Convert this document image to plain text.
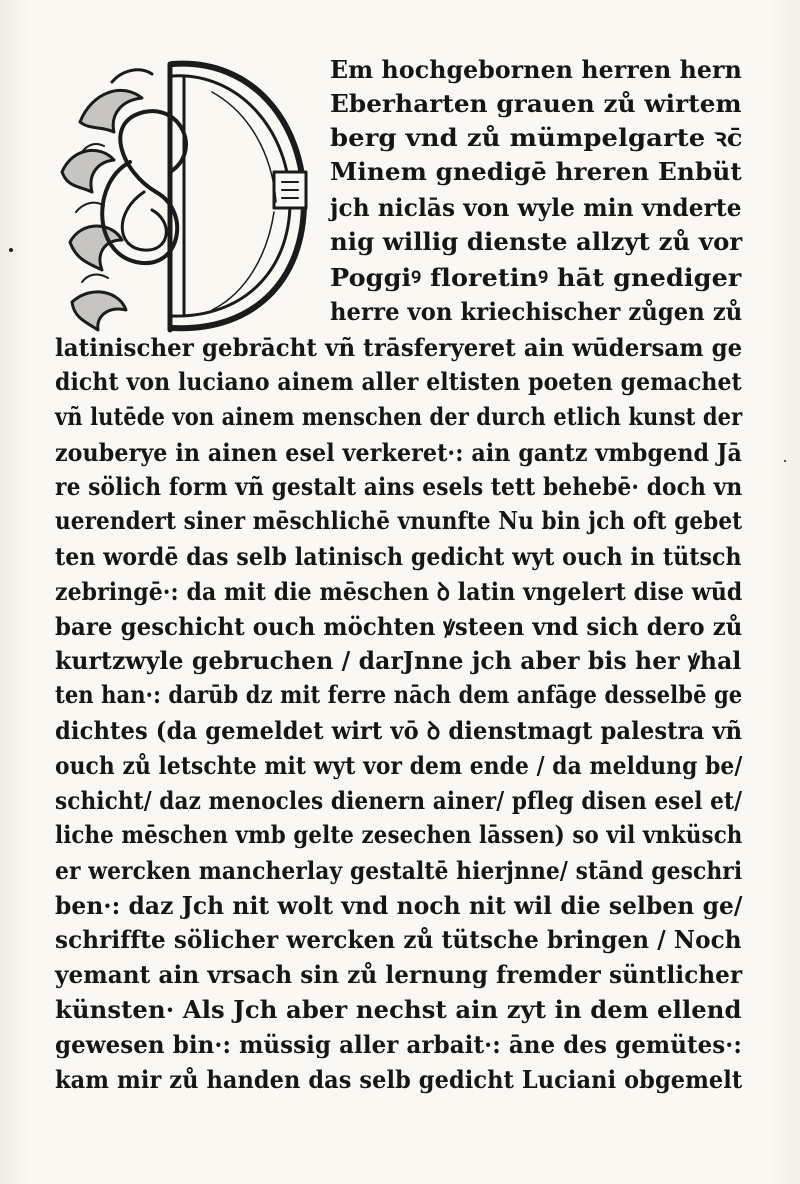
Em hochgebornen herren hern
Eberharten grauen zů wirtem
berg vnd zů mümpelgarte ꝛc̄
Minem gnedigē hreren Enbüt
jch niclās von wyle min vnderte
nig willig dienste allzyt zů vor
Poggiꝰ floretinꝰ hāt gnediger
herre von kriechischer zůgen zů
latinischer gebrācht vñ trāsferyeret ain wūdersam ge
dicht von luciano ainem aller eltisten poeten gemachet
vñ lutēde von ainem menschen der durch etlich kunst der
zouberye in ainen esel verkeret·: ain gantz vmbgend Jā
re sölich form vñ gestalt ains esels tett behebē· doch vn
uerendert siner mēschlichē vnunfte Nu bin jch oft gebet
ten wordē das selb latinisch gedicht wyt ouch in tütsch
zebringē·: da mit die mēschen ꝺ latin vngelert dise wūd
bare geschicht ouch möchten ꝟsteen vnd sich dero zů
kurtzwyle gebruchen / darJnne jch aber bis her ꝟhal
ten han·: darūb dz mit ferre nāch dem anfāge desselbē ge
dichtes (da gemeldet wirt vō ꝺ dienstmagt palestra vñ
ouch zů letschte mit wyt vor dem ende / da meldung be/
schicht/ daz menocles dienern ainer/ pfleg disen esel et/
liche mēschen vmb gelte zesechen lāssen) so vil vnküsch
er wercken mancherlay gestaltē hierjnne/ stānd geschri
ben·: daz Jch nit wolt vnd noch nit wil die selben ge/
schriffte sölicher wercken zů tütsche bringen / Noch
yemant ain vrsach sin zů lernung fremder süntlicher
künsten· Als Jch aber nechst ain zyt in dem ellend
gewesen bin·: müssig aller arbait·: āne des gemütes·:
kam mir zů handen das selb gedicht Luciani obgemelt
